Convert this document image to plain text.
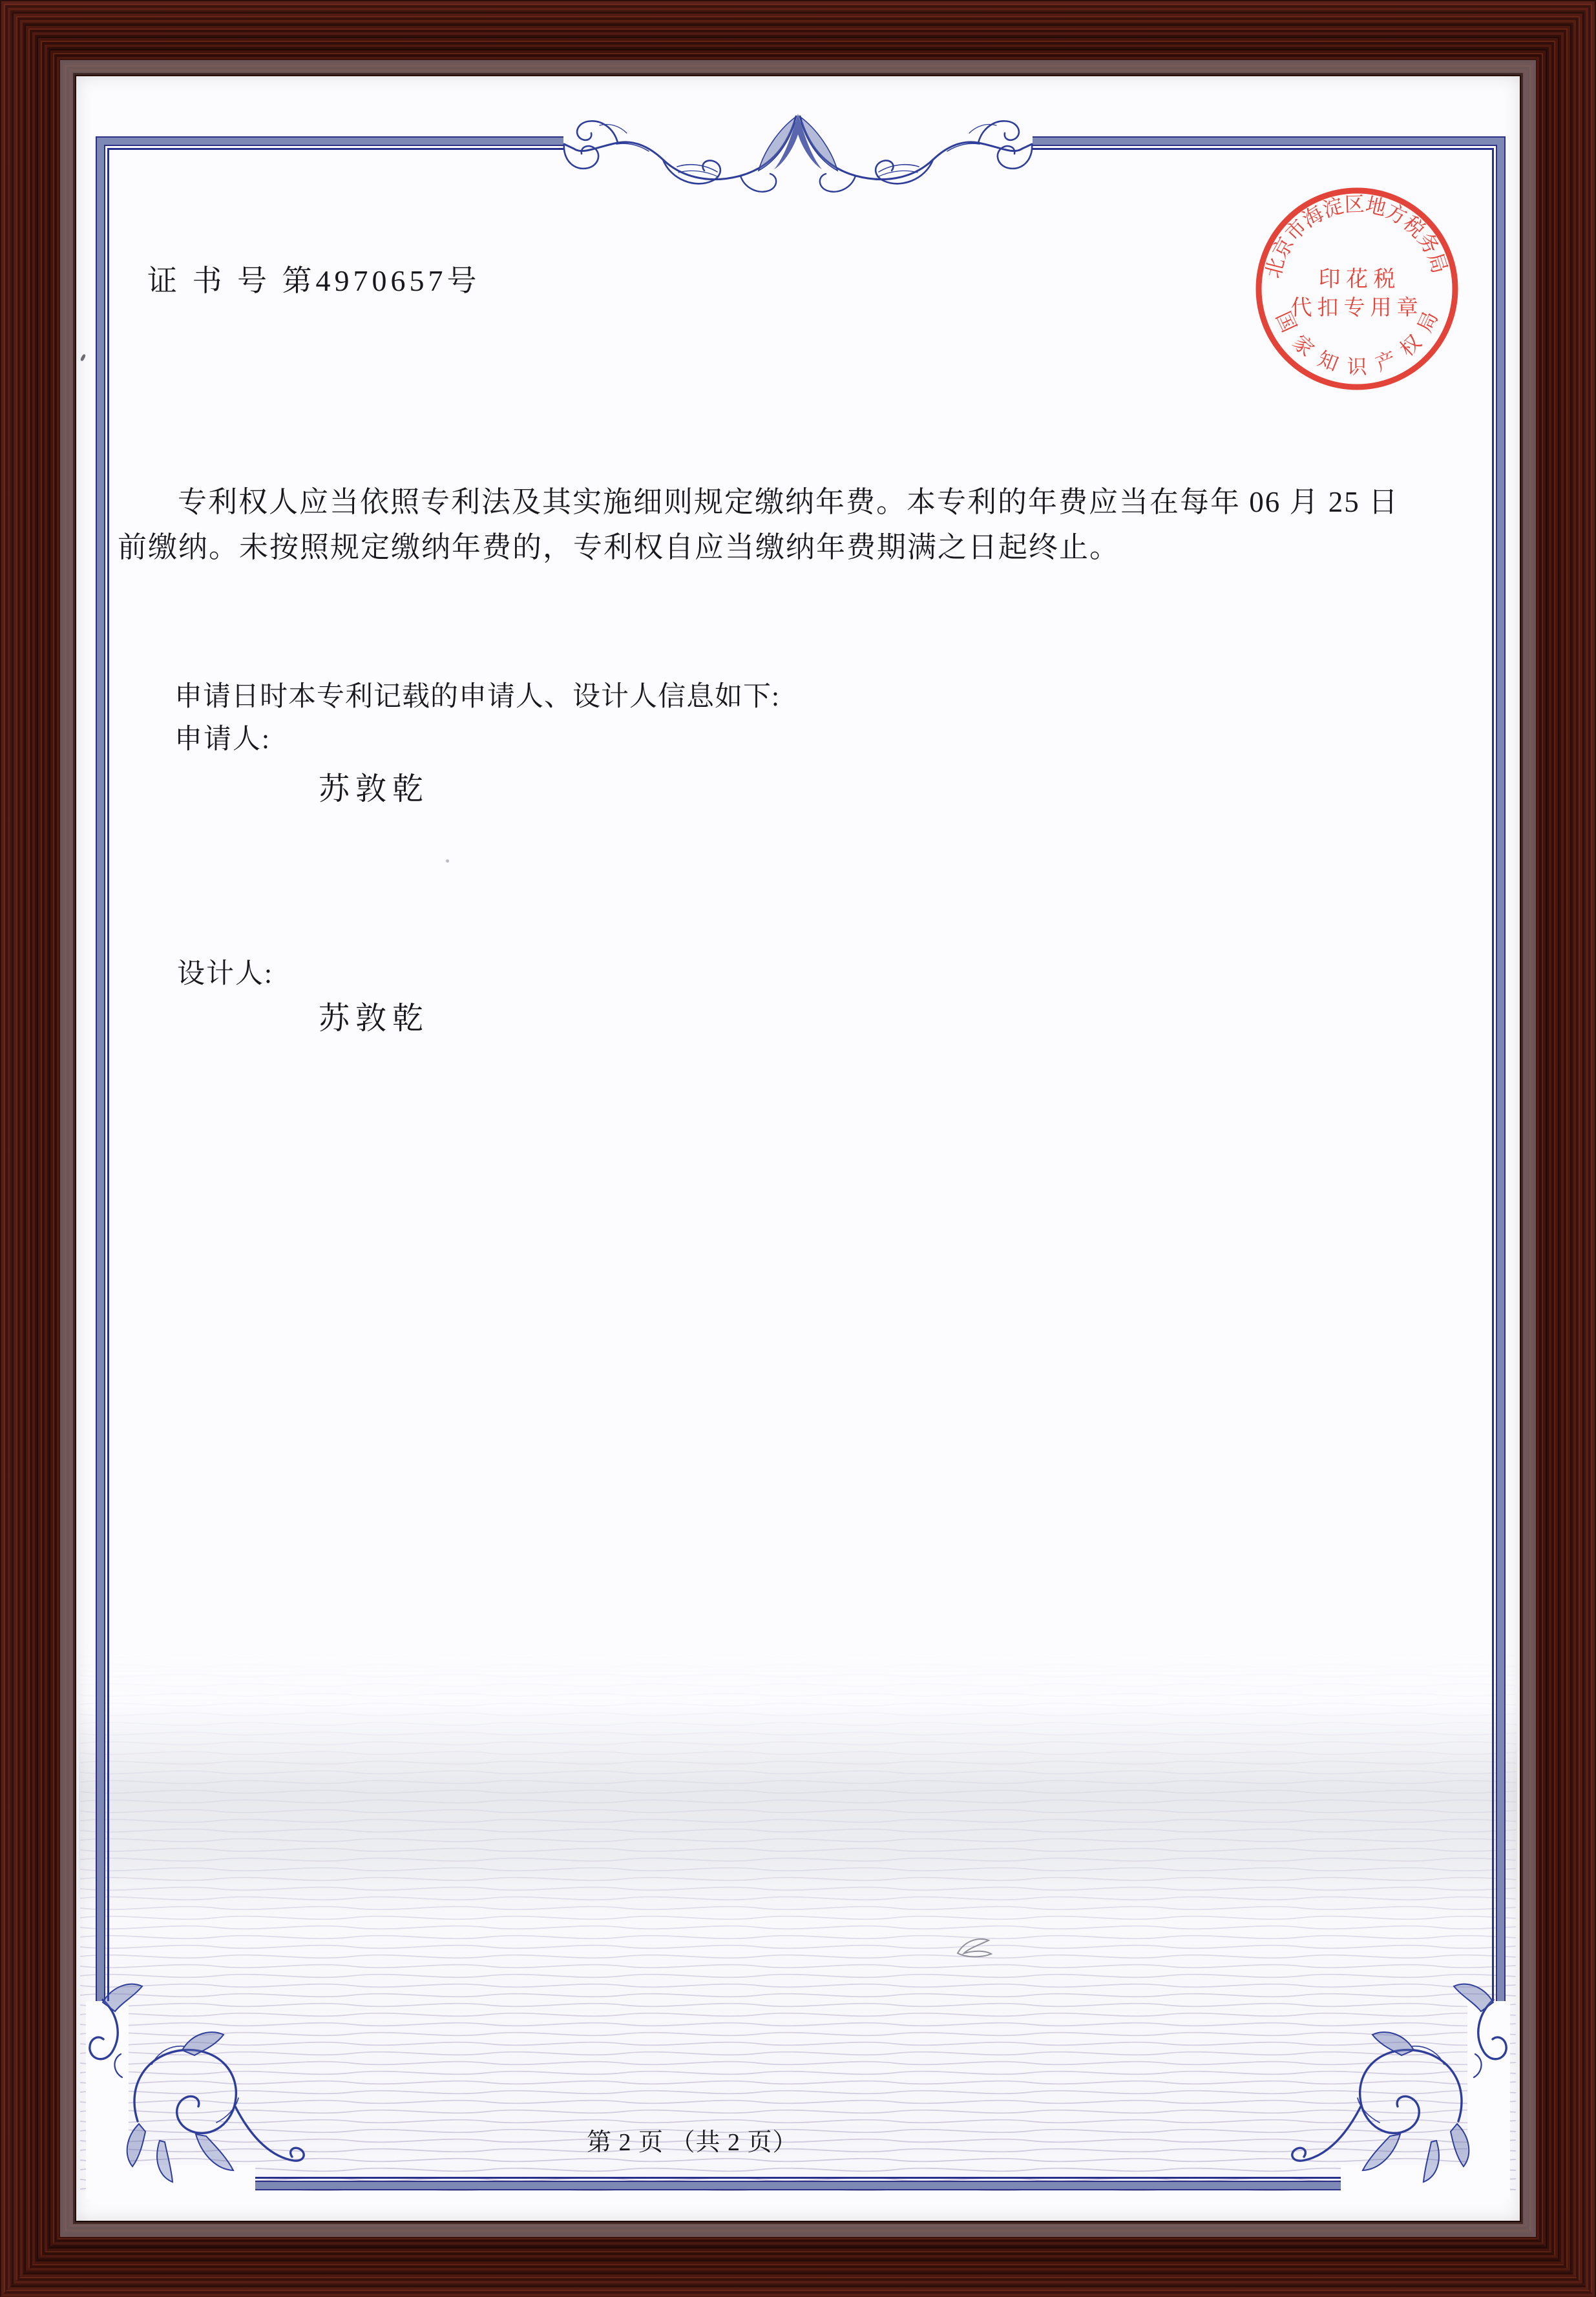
北京市海淀区地方税务局
印 花 税
代扣专用章
国
家
知 识 产
权
局
证 书 号 第4970657号
专利权人应当依照专利法及其实施细则规定缴纳年费。本专利的年费应当在每年 06 月 25 日
前缴纳。未按照规定缴纳年费的，专利权自应当缴纳年费期满之日起终止。
申请日时本专利记载的申请人、设计人信息如下:
申请人:
苏敦乾
设计人:
苏敦乾
第 2 页 （共 2 页）
